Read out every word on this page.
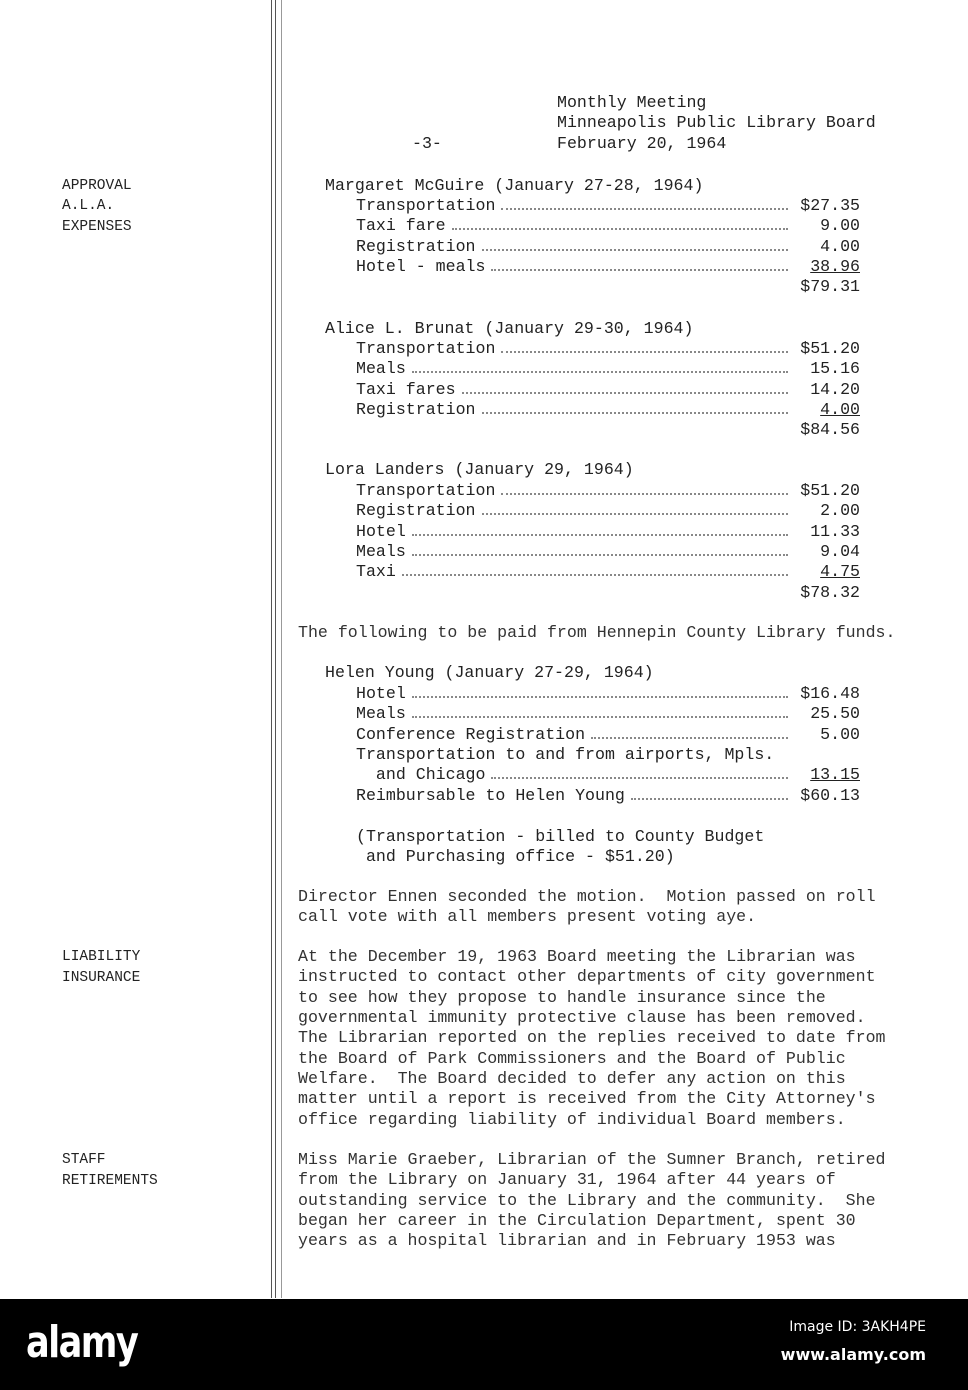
Monthly Meeting
Minneapolis Public Library Board
-3-	February 20, 1964
APPROVAL
A.L.A.
EXPENSES
LIABILITY
INSURANCE
STAFF
RETIREMENTS
Margaret McGuire (January 27-28, 1964)
Transportation	$27.35
Taxi fare	9.00
Registration	4.00
Hotel - meals	38.96
$79.31
Alice L. Brunat (January 29-30, 1964)
Transportation	$51.20
Meals	15.16
Taxi fares	14.20
Registration	4.00
$84.56
Lora Landers (January 29, 1964)
Transportation	$51.20
Registration	2.00
Hotel	11.33
Meals	9.04
Taxi	4.75
$78.32
The following to be paid from Hennepin County Library funds.
Helen Young (January 27-29, 1964)
Hotel	$16.48
Meals	25.50
Conference Registration	5.00
Transportation to and from airports, Mpls.
and Chicago	13.15
Reimbursable to Helen Young	$60.13
(Transportation - billed to County Budget
and Purchasing office - $51.20)
Director Ennen seconded the motion.  Motion passed on roll
call vote with all members present voting aye.
At the December 19, 1963 Board meeting the Librarian was
instructed to contact other departments of city government
to see how they propose to handle insurance since the
governmental immunity protective clause has been removed.
The Librarian reported on the replies received to date from
the Board of Park Commissioners and the Board of Public
Welfare.  The Board decided to defer any action on this
matter until a report is received from the City Attorney's
office regarding liability of individual Board members.
Miss Marie Graeber, Librarian of the Sumner Branch, retired
from the Library on January 31, 1964 after 44 years of
outstanding service to the Library and the community.  She
began her career in the Circulation Department, spent 30
years as a hospital librarian and in February 1953 was
alamy	Image ID: 3AKH4PE
www.alamy.com
